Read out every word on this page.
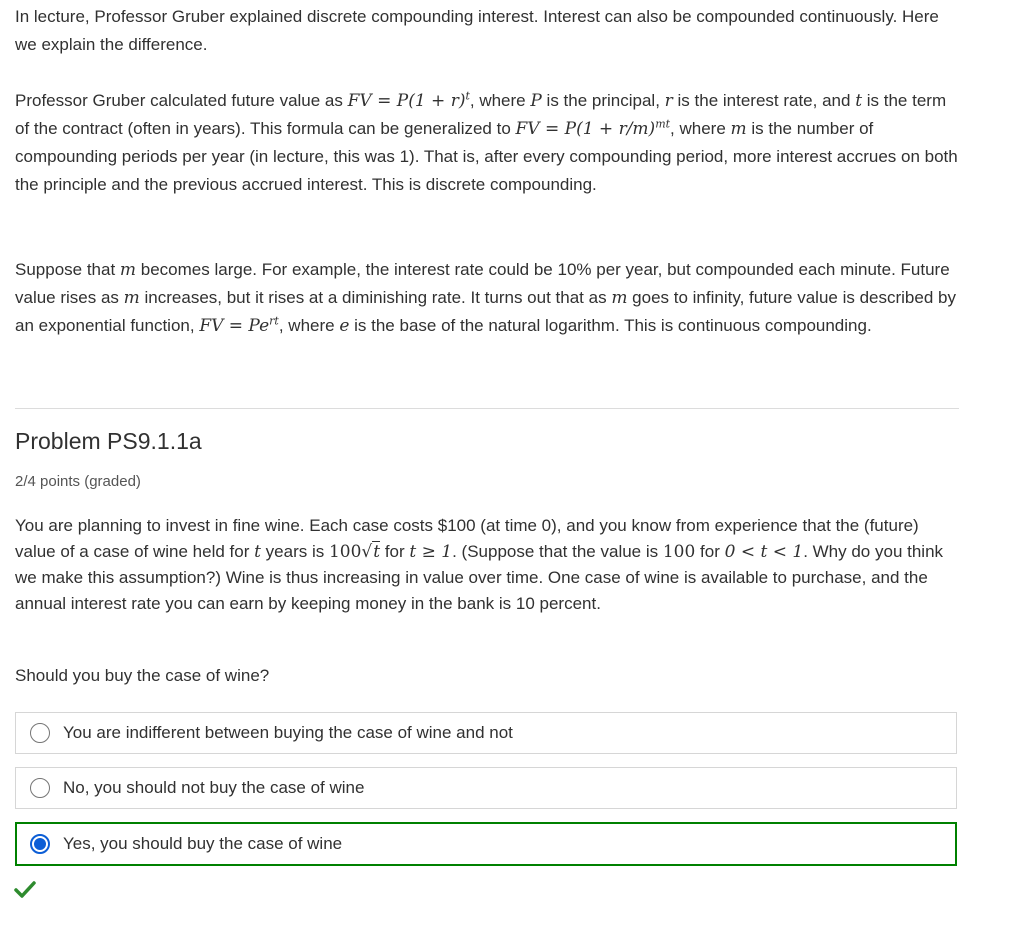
In lecture, Professor Gruber explained discrete compounding interest. Interest can also be compounded continuously. Here we explain the difference.

Professor Gruber calculated future value as FV = $P(1 + r)^t$, where P is the principal, r is the interest rate, and t is the term of the contract (often in years). This formula can be generalized to FV = $P(1 + r/m)^{mt}$, where m is the number of compounding periods per year (in lecture, this was 1). That is, after every compounding period, more interest accrues on both the principle and the previous accrued interest. This is discrete compounding.

Suppose that m becomes large. For example, the interest rate could be 10% per year, but compounded each minute. Future value rises as m increases, but it rises at a diminishing rate. It turns out that as m goes to infinity, future value is described by an exponential function, FV = $Pe^{rt}$, where e is the base of the natural logarithm. This is continuous compounding.

Problem PS9.1.1a
2/4 points (graded)

You are planning to invest in fine wine. Each case costs $100 (at time 0), and you know from experience that the (future) value of a case of wine held for t years is 100√t for t ≥ 1. (Suppose that the value is 100 for 0 < t < 1. Why do you think we make this assumption?) Wine is thus increasing in value over time. One case of wine is available to purchase, and the annual interest rate you can earn by keeping money in the bank is 10 percent.

Should you buy the case of wine?
You are indifferent between buying the case of wine and not
No, you should not buy the case of wine
Yes, you should buy the case of wine
